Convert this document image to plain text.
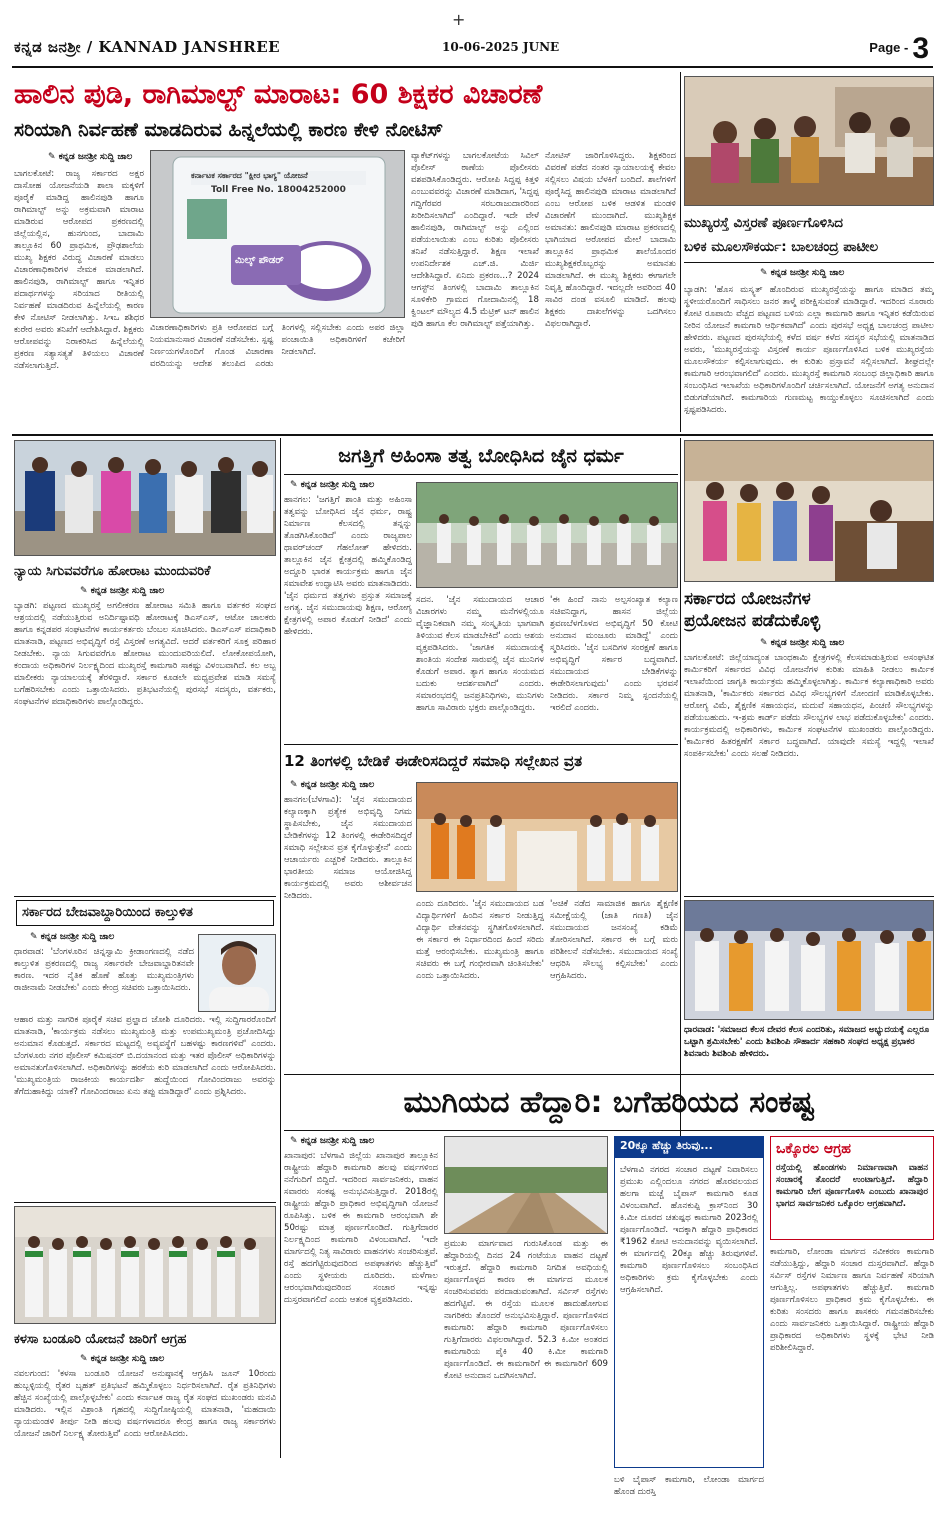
+
ಕನ್ನಡ ಜನಶ್ರೀ / KANNAD JANSHREE	10-06-2025 JUNE	Page - 3
ಹಾಲಿನ ಪುಡಿ, ರಾಗಿಮಾಲ್ಟ್ ಮಾರಾಟ: 60 ಶಿಕ್ಷಕರ ವಿಚಾರಣೆ
ಸರಿಯಾಗಿ ನಿರ್ವಹಣೆ ಮಾಡದಿರುವ ಹಿನ್ನಲೆಯಲ್ಲಿ ಕಾರಣ ಕೇಳಿ ನೋಟಿಸ್
✎ ಕನ್ನಡ ಜನಶ್ರೀ ಸುದ್ದಿ ಜಾಲ
ಬಾಗಲಕೋಟೆ: ರಾಜ್ಯ ಸರ್ಕಾರದ ಅಕ್ಷರ ದಾಸೋಹ ಯೋಜನೆಯಡಿ ಶಾಲಾ ಮಕ್ಕಳಿಗೆ ಪೂರೈಕೆ ಮಾಡಿದ್ದ ಹಾಲಿನಪುಡಿ ಹಾಗೂ ರಾಗಿಮಾಲ್ಟ್ ಅನ್ನು ಅಕ್ರಮವಾಗಿ ಮಾರಾಟ ಮಾಡಿರುವ ಆರೋಪದ ಪ್ರಕರಣದಲ್ಲಿ ಜಿಲ್ಲೆಯಲ್ಲಿನ, ಹುನಗುಂದ, ಬಾದಾಮಿ ತಾಲ್ಲೂಕಿನ 60 ಪ್ರಾಥಮಿಕ, ಪ್ರೌಢಶಾಲೆಯ ಮುಖ್ಯ ಶಿಕ್ಷಕರ ವಿರುದ್ಧ ವಿಚಾರಣೆ ಮಾಡಲು ವಿಚಾರಣಾಧಿಕಾರಿಗಳ ನೇಮಕ ಮಾಡಲಾಗಿದೆ. ಹಾಲಿನಪುಡಿ, ರಾಗಿಮಾಲ್ಟ್ ಹಾಗೂ ಇನ್ನಿತರ ಪದಾರ್ಥಗಳನ್ನು ಸರಿಯಾದ ರೀತಿಯಲ್ಲಿ ನಿರ್ವಹಣೆ ಮಾಡದಿರುವ ಹಿನ್ನೆಲೆಯಲ್ಲಿ ಕಾರಣ ಕೇಳಿ ನೋಟಿಸ್ ನೀಡಲಾಗಿತ್ತು. ಸಿಇಒ ಶಶಿಧರ ಕುರೇರ ಅವರು ತನಿಖೆಗೆ ಆದೇಶಿಸಿದ್ದಾರೆ. ಶಿಕ್ಷಕರು ಆರೋಪವನ್ನು ನಿರಾಕರಿಸಿದ ಹಿನ್ನೆಲೆಯಲ್ಲಿ ಪ್ರಕರಣ ಸತ್ಯಾಸತ್ಯತೆ ತಿಳಿಯಲು ವಿಚಾರಣೆ ನಡೆಸಲಾಗುತ್ತಿದೆ.
ಕರ್ನಾಟಕ ಸರ್ಕಾರದ "ಕ್ಷೀರ ಭಾಗ್ಯ" ಯೋಜನೆ
Toll Free No. 18004252000
ಮಿಲ್ಕ್ ಪೌಡರ್
ವಿಚಾರಣಾಧಿಕಾರಿಗಳು ಪ್ರತಿ ಆರೋಪದ ಬಗ್ಗೆ ನಿಯಮಾನುಸಾರ ವಿಚಾರಣೆ ನಡೆಸಬೇಕು. ಸ್ಪಷ್ಟ ನಿರ್ಣಯಗಳೊಂದಿಗೆ ಗೊಂಡ ವಿಚಾರಣಾ ವರದಿಯನ್ನು ಆದೇಶ ತಲುಪಿದ ಎರಡು ತಿಂಗಳಲ್ಲಿ ಸಲ್ಲಿಸಬೇಕು ಎಂದು ಅಪರ ಜಿಲ್ಲಾ ಪಂಚಾಯಿತಿ ಅಧಿಕಾರಿಗಳಿಗೆ ಕಚೇರಿಗೆ ನೀಡಲಾಗಿದೆ.
ವ್ಯಾಕೆಟ್‌ಗಳನ್ನು ಬಾಗಲಕೋಟೆಯ ಸಿವಿಲ್ ಪೊಲೀಸ್ ಠಾಣೆಯ ಪೊಲೀಸರು ವಶಪಡಿಸಿಕೊಂಡಿದ್ದರು. ಆರೋಪಿ ಸಿದ್ದಪ್ಪ ಕಿತ್ತಳಿ ಎಂಬುವವರನ್ನು ವಿಚಾರಣೆ ಮಾಡಿದಾಗ, 'ಸಿದ್ದಪ್ಪ ಗದ್ದಿಗೆರವರ ಸರಬರಾಜುದಾರರಿಂದ ಖರೀದಿಸಲಾಗಿದೆ' ಎಂದಿದ್ದಾರೆ. ಇದೇ ವೇಳೆ ಹಾಲಿನಪುಡಿ, ರಾಗಿಮಾಲ್ಟ್ ಅನ್ನು ಎಲ್ಲಿಂದ ಪಡೆಯಲಾಯಿತು ಎಂಬ ಕುರಿತು ಪೊಲೀಸರು ತನಿಖೆ ನಡೆಸುತ್ತಿದ್ದಾರೆ. ಶಿಕ್ಷಣ ಇಲಾಖೆ ಉಪನಿರ್ದೇಶಕ ಎಚ್.ಜಿ. ಮಿರ್ಜಿ ಆದೇಶಿಸಿದ್ದಾರೆ. ಏನಿದು ಪ್ರಕರಣ...? 2024 ಆಗಸ್ಟ್‌ನ ತಿಂಗಳಲ್ಲಿ ಬಾದಾಮಿ ತಾಲ್ಲೂಕಿನ ಸೂಳಿಕೇರಿ ಗ್ರಾಮದ ಗೋದಾಮಿನಲ್ಲಿ 18 ಕ್ವಿಂಟಲ್ ಮೌಲ್ಯದ 4.5 ಮೆಟ್ರಿಕ್ ಟನ್ ಹಾಲಿನ ಪುಡಿ ಹಾಗೂ ಕೆಲ ರಾಗಿಮಾಲ್ಟ್ ಪತ್ತೆಯಾಗಿತ್ತು.
ನೋಟಿಸ್ ಜಾರಿಗೊಳಿಸಿದ್ದರು. ಶಿಕ್ಷಕರಿಂದ ವಿವರಣೆ ಪಡೆದ ನಂತರ ನ್ಯಾಯಾಲಯಕ್ಕೆ ಕೇವಲ ಸಲ್ಲಿಸಲು ವಿಷಯ ಬೆಳಕಿಗೆ ಬಂದಿದೆ. ಶಾಲೆಗಳಿಗೆ ಪೂರೈಸಿದ್ದ ಹಾಲಿನಪುಡಿ ಮಾರಾಟ ಮಾಡಲಾಗಿದೆ ಎಂಬ ಆರೋಪ ಬಳಿಕ ಆಡಳಿತ ಮಂಡಳಿ ವಿಚಾರಣೆಗೆ ಮುಂದಾಗಿದೆ. ಮುಖ್ಯಶಿಕ್ಷಕ ಅಮಾನತು: ಹಾಲಿನಪುಡಿ ಮಾರಾಟ ಪ್ರಕರಣದಲ್ಲಿ ಭಾಗಿಯಾದ ಆರೋಪದ ಮೇಲೆ ಬಾದಾಮಿ ತಾಲ್ಲೂಕಿನ ಪ್ರಾಥಮಿಕ ಶಾಲೆಯೊಂದರ ಮುಖ್ಯಶಿಕ್ಷಕರೊಬ್ಬರನ್ನು ಅಮಾನತು ಮಾಡಲಾಗಿದೆ. ಈ ಮುಖ್ಯ ಶಿಕ್ಷಕರು ಈಗಾಗಲೇ ನಿವೃತ್ತಿ ಹೊಂದಿದ್ದಾರೆ. ಇದಲ್ಲದೇ ಅವರಿಂದ 40 ಸಾವಿರ ದಂಡ ವಸೂಲಿ ಮಾಡಿದೆ. ಹಲವು ಶಿಕ್ಷಕರು ದಾಖಲೆಗಳನ್ನು ಒದಗಿಸಲು ವಿಫಲರಾಗಿದ್ದಾರೆ.
ಮುಖ್ಯರಸ್ತೆ ವಿಸ್ತರಣೆ ಪೂರ್ಣಗೊಳಿಸಿದ
ಬಳಿಕ ಮೂಲಸೌಕರ್ಯ: ಬಾಲಚಂದ್ರ ಪಾಟೀಲ
✎ ಕನ್ನಡ ಜನಶ್ರೀ ಸುದ್ದಿ ಜಾಲ
ಬ್ಯಾಡಗಿ: 'ಹೊಸ ಮಸ್ಕ್ಯತ್ ಹೊಂದಿರುವ ಮುಖ್ಯರಸ್ತೆಯನ್ನು ಹಾಗೂ ಮಾಡಿದ ತಮ್ಮ ಸ್ಥಳೀಯರೊಂದಿಗೆ ಸಾಧಿಸಲು ಜನರ ತಾಳ್ಮೆ ಪರೀಕ್ಷಿಸುವಂತೆ ಮಾಡಿದ್ದಾರೆ. ಇದರಿಂದ ನೂರಾರು ಕೋಟಿ ರೂಪಾಯಿ ವೆಚ್ಚದ ಪಟ್ಟಣದ ಬಳಿಯ ಎಲ್ಲಾ ಕಾಮಗಾರಿ ಹಾಗೂ ಇನ್ನಿತರ ಕಡೆಯಿರುವ ನೀರಿನ ಯೋಜನೆ ಕಾಮಗಾರಿ ಆರ್ಥಿಕವಾಗಿದೆ' ಎಂದು ಪುರಸಭೆ ಅಧ್ಯಕ್ಷ ಬಾಲಚಂದ್ರ ಪಾಟೀಲ ಹೇಳಿದರು. ಪಟ್ಟಣದ ಪುರಸಭೆಯಲ್ಲಿ ಕಳೆದ ವರ್ಷ ಕಳೆದ ಸದಸ್ಯರ ಸಭೆಯಲ್ಲಿ ಮಾತನಾಡಿದ ಅವರು, 'ಮುಖ್ಯರಸ್ತೆಯನ್ನು ವಿಸ್ತರಣೆ ಕಾರ್ಯ ಪೂರ್ಣಗೊಳಿಸಿದ ಬಳಿಕ ಮುಖ್ಯರಸ್ತೆಯ ಮೂಲಸೌಕರ್ಯ ಕಲ್ಪಿಸಲಾಗುವುದು. ಈ ಕುರಿತು ಪ್ರಸ್ತಾವನೆ ಸಲ್ಲಿಸಲಾಗಿದೆ. ಶೀಘ್ರದಲ್ಲೇ ಕಾಮಗಾರಿ ಆರಂಭವಾಗಲಿದೆ' ಎಂದರು. ಮುಖ್ಯರಸ್ತೆ ಕಾಮಗಾರಿ ಸಂಬಂಧ ಜಿಲ್ಲಾಧಿಕಾರಿ ಹಾಗೂ ಸಂಬಂಧಿಸಿದ ಇಲಾಖೆಯ ಅಧಿಕಾರಿಗಳೊಂದಿಗೆ ಚರ್ಚಿಸಲಾಗಿದೆ. ಯೋಜನೆಗೆ ಅಗತ್ಯ ಅನುದಾನ ಬಿಡುಗಡೆಯಾಗಿದೆ. ಕಾಮಗಾರಿಯ ಗುಣಮಟ್ಟ ಕಾಯ್ದುಕೊಳ್ಳಲು ಸೂಚಿಸಲಾಗಿದೆ ಎಂದು ಸ್ಪಷ್ಟಪಡಿಸಿದರು.
ನ್ಯಾಯ ಸಿಗುವವರೆಗೂ ಹೋರಾಟ ಮುಂದುವರಿಕೆ
✎ ಕನ್ನಡ ಜನಶ್ರೀ ಸುದ್ದಿ ಜಾಲ
ಬ್ಯಾಡಗಿ: ಪಟ್ಟಣದ ಮುಖ್ಯರಸ್ತೆ ಅಗಲೀಕರಣ ಹೋರಾಟ ಸಮಿತಿ ಹಾಗೂ ವರ್ತಕರ ಸಂಘದ ಆಶ್ರಯದಲ್ಲಿ ನಡೆಯುತ್ತಿರುವ ಅನಿರ್ದಿಷ್ಟಾವಧಿ ಹೋರಾಟಕ್ಕೆ ಡಿಎಸ್‌ಎಸ್, ಆಟೋ ಚಾಲಕರು ಹಾಗೂ ಕನ್ನಡಪರ ಸಂಘಟನೆಗಳ ಕಾರ್ಯಕರ್ತರು ಬೆಂಬಲ ಸೂಚಿಸಿದರು. ಡಿಎಸ್‌ಎಸ್ ಪದಾಧಿಕಾರಿ ಮಾತನಾಡಿ, ಪಟ್ಟಣದ ಅಭಿವೃದ್ಧಿಗೆ ರಸ್ತೆ ವಿಸ್ತರಣೆ ಅಗತ್ಯವಿದೆ. ಆದರೆ ವರ್ತಕರಿಗೆ ಸೂಕ್ತ ಪರಿಹಾರ ನೀಡಬೇಕು. ನ್ಯಾಯ ಸಿಗುವವರೆಗೂ ಹೋರಾಟ ಮುಂದುವರಿಯಲಿದೆ. ಲೋಕೋಪಯೋಗಿ, ಕಂದಾಯ ಅಧಿಕಾರಿಗಳ ನಿರ್ಲಕ್ಷ್ಯದಿಂದ ಮುಖ್ಯರಸ್ತೆ ಕಾಮಗಾರಿ ಸಾಕಷ್ಟು ವಿಳಂಬವಾಗಿದೆ. ಕಲ ಅಬ್ಬ ಮಾಲೀಕರು ನ್ಯಾಯಾಲಯಕ್ಕೆ ತೆರಳಿದ್ದಾರೆ. ಸರ್ಕಾರ ಕೂಡಲೇ ಮಧ್ಯಪ್ರವೇಶ ಮಾಡಿ ಸಮಸ್ಯೆ ಬಗೆಹರಿಸಬೇಕು ಎಂದು ಒತ್ತಾಯಿಸಿದರು. ಪ್ರತಿಭಟನೆಯಲ್ಲಿ ಪುರಸಭೆ ಸದಸ್ಯರು, ವರ್ತಕರು, ಸಂಘಟನೆಗಳ ಪದಾಧಿಕಾರಿಗಳು ಪಾಲ್ಗೊಂಡಿದ್ದರು.
ಜಗತ್ತಿಗೆ ಅಹಿಂಸಾ ತತ್ವ ಬೋಧಿಸಿದ ಜೈನ ಧರ್ಮ
✎ ಕನ್ನಡ ಜನಶ್ರೀ ಸುದ್ದಿ ಜಾಲ
ಹಾನಗಲ: 'ಜಗತ್ತಿಗೆ ಶಾಂತಿ ಮತ್ತು ಅಹಿಂಸಾ ತತ್ವವನ್ನು ಬೋಧಿಸಿದ ಜೈನ ಧರ್ಮ, ರಾಷ್ಟ್ರ ನಿರ್ಮಾಣ ಕೆಲಸದಲ್ಲಿ ತನ್ನನ್ನು ತೊಡಗಿಸಿಕೊಂಡಿದೆ' ಎಂದು ರಾಜ್ಯಪಾಲ ಥಾವರ್‌ಚಂದ್ ಗೆಹಲೋತ್ ಹೇಳಿದರು. ತಾಲ್ಲೂಕಿನ ಜೈನ ಕ್ಷೇತ್ರದಲ್ಲಿ ಹಮ್ಮಿಕೊಂಡಿದ್ದ ಅದ್ದೂರಿ ಭಾರತ ಕಾರ್ಯಕ್ರಮ ಹಾಗೂ ಜೈನ ಸಮಾವೇಶ ಉದ್ಘಾಟಿಸಿ ಅವರು ಮಾತನಾಡಿದರು. 'ಜೈನ ಧರ್ಮದ ತತ್ವಗಳು ಪ್ರಸ್ತುತ ಸಮಾಜಕ್ಕೆ ಅಗತ್ಯ. ಜೈನ ಸಮುದಾಯವು ಶಿಕ್ಷಣ, ಆರೋಗ್ಯ ಕ್ಷೇತ್ರಗಳಲ್ಲಿ ಅಪಾರ ಕೊಡುಗೆ ನೀಡಿದೆ' ಎಂದು ಹೇಳಿದರು.
ಸದನ. 'ಜೈನ ಸಮುದಾಯದ ಆಚಾರ ವಿಚಾರಗಳು ನಮ್ಮ ಮನೆಗಳಲ್ಲಿಯೂ ವೈಜ್ಞಾನಿಕವಾಗಿ ನಮ್ಮ ಸಂಸ್ಕೃತಿಯ ಭಾಗವಾಗಿ ತಿಳಿಯುವ ಕೆಲಸ ಮಾಡಬೇಕಿದೆ' ಎಂದು ಆಶಯ ವ್ಯಕ್ತಪಡಿಸಿದರು. 'ಜಾಗತಿಕ ಸಮುದಾಯಕ್ಕೆ ಶಾಂತಿಯ ಸಂದೇಶ ಸಾರುವಲ್ಲಿ ಜೈನ ಮುನಿಗಳ ಕೊಡುಗೆ ಅಪಾರ. ತ್ಯಾಗ ಹಾಗೂ ಸಂಯಮದ ಬದುಕು ಆದರ್ಶವಾಗಿದೆ' ಎಂದರು. ಸಮಾರಂಭದಲ್ಲಿ ಜನಪ್ರತಿನಿಧಿಗಳು, ಮುನಿಗಳು ಹಾಗೂ ಸಾವಿರಾರು ಭಕ್ತರು ಪಾಲ್ಗೊಂಡಿದ್ದರು.
'ಈ ಹಿಂದೆ ನಾನು ಅಲ್ಪಸಂಖ್ಯಾತ ಕಲ್ಯಾಣ ಸಚಿವನಿದ್ದಾಗ, ಹಾಸನ ಜಿಲ್ಲೆಯ ಶ್ರವಣಬೆಳಗೊಳದ ಅಭಿವೃದ್ಧಿಗೆ 50 ಕೋಟಿ ಅನುದಾನ ಮಂಜೂರು ಮಾಡಿದ್ದೆ' ಎಂದು ಸ್ಮರಿಸಿದರು. 'ಜೈನ ಬಸದಿಗಳ ಸಂರಕ್ಷಣೆ ಹಾಗೂ ಅಭಿವೃದ್ಧಿಗೆ ಸರ್ಕಾರ ಬದ್ಧವಾಗಿದೆ. ಸಮುದಾಯದ ಬೇಡಿಕೆಗಳನ್ನು ಈಡೇರಿಸಲಾಗುವುದು' ಎಂದು ಭರವಸೆ ನೀಡಿದರು. ಸರ್ಕಾರ ನಿಮ್ಮ ಸ್ಪಂದನೆಯಲ್ಲಿ ಇರಲಿದೆ ಎಂದರು.
12 ತಿಂಗಳಲ್ಲಿ ಬೇಡಿಕೆ ಈಡೇರಿಸದಿದ್ದರೆ ಸಮಾಧಿ ಸಲ್ಲೇಖನ ವ್ರತ
✎ ಕನ್ನಡ ಜನಶ್ರೀ ಸುದ್ದಿ ಜಾಲ
ಹಾನಗಲ(ಬೆಳಗಾವಿ): 'ಜೈನ ಸಮುದಾಯದ ಕಲ್ಯಾಣಕ್ಕಾಗಿ ಪ್ರತ್ಯೇಕ ಅಭಿವೃದ್ಧಿ ನಿಗಮ ಸ್ಥಾಪಿಸಬೇಕು, ಜೈನ ಸಮುದಾಯದ ಬೇಡಿಕೆಗಳನ್ನು 12 ತಿಂಗಳಲ್ಲಿ ಈಡೇರಿಸದಿದ್ದರೆ ಸಮಾಧಿ ಸಲ್ಲೇಖನ ವ್ರತ ಕೈಗೊಳ್ಳುತ್ತೇನೆ' ಎಂದು ಆಚಾರ್ಯರು ಎಚ್ಚರಿಕೆ ನೀಡಿದರು. ತಾಲ್ಲೂಕಿನ ಭಾರತೀಯ ಸಮಾಜ ಆಯೋಜಿಸಿದ್ದ ಕಾರ್ಯಕ್ರಮದಲ್ಲಿ ಅವರು ಆಶೀರ್ವಚನ ನೀಡಿದರು.
ಎಂದು ದೂರಿದರು. 'ಜೈನ ಸಮುದಾಯದ ಬಡ ವಿದ್ಯಾರ್ಥಿಗಳಿಗೆ ಹಿಂದಿನ ಸರ್ಕಾರ ನೀಡುತ್ತಿದ್ದ ವಿದ್ಯಾರ್ಥಿ ವೇತನವನ್ನು ಸ್ಥಗಿತಗೊಳಿಸಲಾಗಿದೆ. ಈ ಸರ್ಕಾರ ಈ ನಿರ್ಧಾರದಿಂದ ಹಿಂದೆ ಸರಿದು ಮತ್ತೆ ಆರಂಭಿಸಬೇಕು. ಮುಖ್ಯಮಂತ್ರಿ ಹಾಗೂ ಸಚಿವರು ಈ ಬಗ್ಗೆ ಗಂಭೀರವಾಗಿ ಚಿಂತಿಸಬೇಕು' ಎಂದು ಒತ್ತಾಯಿಸಿದರು.
'ಅಚಿಕೆ ನಡೆದ ಸಾಮಾಜಿಕ ಹಾಗೂ ಶೈಕ್ಷಣಿಕ ಸಮೀಕ್ಷೆಯಲ್ಲಿ (ಜಾತಿ ಗಣತಿ) ಜೈನ ಸಮುದಾಯದ ಜನಸಂಖ್ಯೆ ಕಡಿಮೆ ತೋರಿಸಲಾಗಿದೆ. ಸರ್ಕಾರ ಈ ಬಗ್ಗೆ ಮರು ಪರಿಶೀಲನೆ ನಡೆಸಬೇಕು. ಸಮುದಾಯದ ಸಂಖ್ಯೆ ಆಧರಿಸಿ ಸೌಲಭ್ಯ ಕಲ್ಪಿಸಬೇಕು' ಎಂದು ಆಗ್ರಹಿಸಿದರು.
ಸರ್ಕಾರದ ಬೇಜವಾಬ್ದಾರಿಯಿಂದ ಕಾಲ್ತುಳಿತ
✎ ಕನ್ನಡ ಜನಶ್ರೀ ಸುದ್ದಿ ಜಾಲ
ಧಾರವಾಡ: 'ಬೆಂಗಳೂರಿನ ಚಿನ್ನಸ್ವಾಮಿ ಕ್ರೀಡಾಂಗಣದಲ್ಲಿ ನಡೆದ ಕಾಲ್ತುಳಿತ ಪ್ರಕರಣದಲ್ಲಿ ರಾಜ್ಯ ಸರ್ಕಾರವೇ ಬೇಜವಾಬ್ದಾರಿತನವೇ ಕಾರಣ. ಇದರ ನೈತಿಕ ಹೊಣೆ ಹೊತ್ತು ಮುಖ್ಯಮಂತ್ರಿಗಳು ರಾಜೀನಾಮೆ ನೀಡಬೇಕು' ಎಂದು ಕೇಂದ್ರ ಸಚಿವರು ಒತ್ತಾಯಿಸಿದರು.
ಆಹಾರ ಮತ್ತು ನಾಗರಿಕ ಪೂರೈಕೆ ಸಚಿವ ಪ್ರಲ್ಹಾದ ಜೋಶಿ ದೂರಿದರು. ಇಲ್ಲಿ ಸುದ್ದಿಗಾರರೊಂದಿಗೆ ಮಾತನಾಡಿ, 'ಕಾರ್ಯಕ್ರಮ ನಡೆಸಲು ಮುಖ್ಯಮಂತ್ರಿ ಮತ್ತು ಉಪಮುಖ್ಯಮಂತ್ರಿ ಪ್ರಚೋದಿಸಿದ್ದು ಅನುಮಾನ ಕೊಡುತ್ತದೆ. ಸರ್ಕಾರದ ಮಟ್ಟದಲ್ಲಿ ಅವ್ಯವಸ್ಥೆಗೆ ಬಹಳಷ್ಟು ಕಾರಣಗಳಿವೆ' ಎಂದರು. ಬೆಂಗಳೂರು ನಗರ ಪೊಲೀಸ್ ಕಮಿಷನರ್ ಬಿ.ದಯಾನಂದ ಮತ್ತು ಇತರ ಪೊಲೀಸ್ ಅಧಿಕಾರಿಗಳನ್ನು ಅಮಾನತುಗೊಳಿಸಲಾಗಿದೆ. ಅಧಿಕಾರಿಗಳನ್ನು ಹರಕೆಯ ಕುರಿ ಮಾಡಲಾಗಿದೆ ಎಂದು ಆರೋಪಿಸಿದರು. 'ಮುಖ್ಯಮಂತ್ರಿಯ ರಾಜಕೀಯ ಕಾರ್ಯದರ್ಶಿ ಹುದ್ದೆಯಿಂದ ಗೋವಿಂದರಾಜು ಅವರನ್ನು ತೆಗೆದುಹಾಕಿದ್ದು ಯಾಕೆ? ಗೋವಿಂದರಾಜು ಏನು ತಪ್ಪು ಮಾಡಿದ್ದಾರೆ' ಎಂದು ಪ್ರಶ್ನಿಸಿದರು.
ಕಳಸಾ ಬಂಡೂರಿ ಯೋಜನೆ ಜಾರಿಗೆ ಆಗ್ರಹ
✎ ಕನ್ನಡ ಜನಶ್ರೀ ಸುದ್ದಿ ಜಾಲ
ನವಲಗುಂದ: 'ಕಳಸಾ ಬಂಡೂರಿ ಯೋಜನೆ ಅನುಷ್ಠಾನಕ್ಕೆ ಆಗ್ರಹಿಸಿ ಜೂನ್ 10ರಂದು ಹುಬ್ಬಳ್ಳಿಯಲ್ಲಿ ರೈತರ ಬೃಹತ್ ಪ್ರತಿಭಟನೆ ಹಮ್ಮಿಕೊಳ್ಳಲು ನಿರ್ಧರಿಸಲಾಗಿದೆ. ರೈತ ಪ್ರತಿನಿಧಿಗಳು ಹೆಚ್ಚಿನ ಸಂಖ್ಯೆಯಲ್ಲಿ ಪಾಲ್ಗೊಳ್ಳಬೇಕು' ಎಂದು ಕರ್ನಾಟಕ ರಾಜ್ಯ ರೈತ ಸಂಘದ ಮುಖಂಡರು ಮನವಿ ಮಾಡಿದರು. ಇಲ್ಲಿನ ವಿಶ್ರಾಂತಿ ಗೃಹದಲ್ಲಿ ಸುದ್ದಿಗೋಷ್ಠಿಯಲ್ಲಿ ಮಾತನಾಡಿ, 'ಮಹದಾಯಿ ನ್ಯಾಯಮಂಡಳಿ ತೀರ್ಪು ನೀಡಿ ಹಲವು ವರ್ಷಗಳಾದರೂ ಕೇಂದ್ರ ಹಾಗೂ ರಾಜ್ಯ ಸರ್ಕಾರಗಳು ಯೋಜನೆ ಜಾರಿಗೆ ನಿರ್ಲಕ್ಷ್ಯ ತೋರುತ್ತಿವೆ' ಎಂದು ಆರೋಪಿಸಿದರು.
ಸರ್ಕಾರದ ಯೋಜನೆಗಳ
ಪ್ರಯೋಜನ ಪಡೆದುಕೊಳ್ಳಿ
✎ ಕನ್ನಡ ಜನಶ್ರೀ ಸುದ್ದಿ ಜಾಲ
ಬಾಗಲಕೋಟೆ: ಜಿಲ್ಲೆಯಾದ್ಯಂತ ಬಾಂಧಕಾಮಿ ಕ್ಷೇತ್ರಗಳಲ್ಲಿ ಕೆಲಸಮಾಡುತ್ತಿರುವ ಅಸಂಘಟಿತ ಕಾರ್ಮಿಕರಿಗೆ ಸರ್ಕಾರದ ವಿವಿಧ ಯೋಜನೆಗಳ ಕುರಿತು ಮಾಹಿತಿ ನೀಡಲು ಕಾರ್ಮಿಕ ಇಲಾಖೆಯಿಂದ ಜಾಗೃತಿ ಕಾರ್ಯಕ್ರಮ ಹಮ್ಮಿಕೊಳ್ಳಲಾಗಿತ್ತು. ಕಾರ್ಮಿಕ ಕಲ್ಯಾಣಾಧಿಕಾರಿ ಅವರು ಮಾತನಾಡಿ, 'ಕಾರ್ಮಿಕರು ಸರ್ಕಾರದ ವಿವಿಧ ಸೌಲಭ್ಯಗಳಿಗೆ ನೋಂದಣಿ ಮಾಡಿಕೊಳ್ಳಬೇಕು. ಆರೋಗ್ಯ ವಿಮೆ, ಶೈಕ್ಷಣಿಕ ಸಹಾಯಧನ, ಮದುವೆ ಸಹಾಯಧನ, ಪಿಂಚಣಿ ಸೌಲಭ್ಯಗಳನ್ನು ಪಡೆಯಬಹುದು. ಇ-ಶ್ರಮ ಕಾರ್ಡ್ ಪಡೆದು ಸೌಲಭ್ಯಗಳ ಲಾಭ ಪಡೆದುಕೊಳ್ಳಬೇಕು' ಎಂದರು. ಕಾರ್ಯಕ್ರಮದಲ್ಲಿ ಅಧಿಕಾರಿಗಳು, ಕಾರ್ಮಿಕ ಸಂಘಟನೆಗಳ ಮುಖಂಡರು ಪಾಲ್ಗೊಂಡಿದ್ದರು. 'ಕಾರ್ಮಿಕರ ಹಿತರಕ್ಷಣೆಗೆ ಸರ್ಕಾರ ಬದ್ಧವಾಗಿದೆ. ಯಾವುದೇ ಸಮಸ್ಯೆ ಇದ್ದಲ್ಲಿ ಇಲಾಖೆ ಸಂಪರ್ಕಿಸಬೇಕು' ಎಂದು ಸಲಹೆ ನೀಡಿದರು.
ಧಾರವಾಡ: 'ಸಮಾಜದ ಕೆಲಸ ದೇವರ ಕೆಲಸ ಎಂದರಿತು, ಸಮಾಜದ ಅಭ್ಯುದಯಕ್ಕೆ ಎಲ್ಲರೂ ಒಟ್ಟಾಗಿ ಶ್ರಮಿಸಬೇಕು' ಎಂದು ಶಿವಶಿಂಪಿ ಸೌಹಾರ್ದ ಸಹಕಾರಿ ಸಂಘದ ಅಧ್ಯಕ್ಷ ಪ್ರಭಾಕರ ಶಿವನಾರು ಶಿವಶಿಂಪಿ ಹೇಳಿದರು.
ಮುಗಿಯದ ಹೆದ್ದಾರಿ: ಬಗೆಹರಿಯದ ಸಂಕಷ್ಟ
✎ ಕನ್ನಡ ಜನಶ್ರೀ ಸುದ್ದಿ ಜಾಲ
ಖಾನಾಪುರ: ಬೆಳಗಾವಿ ಜಿಲ್ಲೆಯ ಖಾನಾಪುರ ತಾಲ್ಲೂಕಿನ ರಾಷ್ಟ್ರೀಯ ಹೆದ್ದಾರಿ ಕಾಮಗಾರಿ ಹಲವು ವರ್ಷಗಳಿಂದ ನನೆಗುದಿಗೆ ಬಿದ್ದಿದೆ. ಇದರಿಂದ ಸಾರ್ವಜನಿಕರು, ವಾಹನ ಸವಾರರು ಸಂಕಷ್ಟ ಅನುಭವಿಸುತ್ತಿದ್ದಾರೆ. 2018ರಲ್ಲಿ ರಾಷ್ಟ್ರೀಯ ಹೆದ್ದಾರಿ ಪ್ರಾಧಿಕಾರ ಅಭಿವೃದ್ಧಿಗಾಗಿ ಯೋಜನೆ ರೂಪಿಸಿತ್ತು. ಬಳಿಕ ಈ ಕಾಮಗಾರಿ ಆರಂಭವಾಗಿ ಶೇ 50ರಷ್ಟು ಮಾತ್ರ ಪೂರ್ಣಗೊಂಡಿದೆ. ಗುತ್ತಿಗೆದಾರರ ನಿರ್ಲಕ್ಷ್ಯದಿಂದ ಕಾಮಗಾರಿ ವಿಳಂಬವಾಗಿದೆ. 'ಇದೇ ಮಾರ್ಗದಲ್ಲಿ ನಿತ್ಯ ಸಾವಿರಾರು ವಾಹನಗಳು ಸಂಚರಿಸುತ್ತವೆ. ರಸ್ತೆ ಹದಗೆಟ್ಟಿರುವುದರಿಂದ ಅಪಘಾತಗಳು ಹೆಚ್ಚುತ್ತಿವೆ' ಎಂದು ಸ್ಥಳೀಯರು ದೂರಿದರು. ಮಳೆಗಾಲ ಆರಂಭವಾಗಿರುವುದರಿಂದ ಸಂಚಾರ ಇನ್ನಷ್ಟು ದುಸ್ತರವಾಗಲಿದೆ ಎಂದು ಆತಂಕ ವ್ಯಕ್ತಪಡಿಸಿದರು.
ಪ್ರಮುಖ ಮಾರ್ಗವಾದ ಗುರುಸಿಕೊಂಡ ಮತ್ತು ಈ ಹೆದ್ದಾರಿಯಲ್ಲಿ ದಿನದ 24 ಗಂಟೆಯೂ ವಾಹನ ದಟ್ಟಣೆ ಇರುತ್ತದೆ. ಹೆದ್ದಾರಿ ಕಾಮಗಾರಿ ನಿಗದಿತ ಅವಧಿಯಲ್ಲಿ ಪೂರ್ಣಗೊಳ್ಳದ ಕಾರಣ ಈ ಮಾರ್ಗದ ಮೂಲಕ ಸಂಚರಿಸುವವರು ಪರದಾಡುವಂತಾಗಿದೆ. ಸರ್ವಿಸ್ ರಸ್ತೆಗಳು ಹದಗೆಟ್ಟಿವೆ. ಈ ರಸ್ತೆಯ ಮೂಲಕ ಹಾದುಹೋಗುವ ನಾಗರಿಕರು ತೊಂದರೆ ಅನುಭವಿಸುತ್ತಿದ್ದಾರೆ. ಪೂರ್ಣಗೊಳಿಸದ ಕಾಮಗಾರಿ: ಹೆದ್ದಾರಿ ಕಾಮಗಾರಿ ಪೂರ್ಣಗೊಳಿಸಲು ಗುತ್ತಿಗೆದಾರರು ವಿಫಲರಾಗಿದ್ದಾರೆ. 52.3 ಕಿ.ಮೀ ಅಂತರದ ಕಾಮಗಾರಿಯ ಪೈಕಿ 40 ಕಿ.ಮೀ ಕಾಮಗಾರಿ ಪೂರ್ಣಗೊಂಡಿದೆ. ಈ ಕಾಮಗಾರಿಗೆ ಈ ಕಾಮಗಾರಿಗೆ 609 ಕೋಟಿ ಅನುದಾನ ಒದಗಿಸಲಾಗಿದೆ.
20ಕ್ಕೂ ಹೆಚ್ಚು ತಿರುವು...
ಬೆಳಗಾವಿ ನಗರದ ಸಂಚಾರ ದಟ್ಟಣೆ ನಿವಾರಿಸಲು ಪ್ರಮುಖ ಎಲ್ಲಿಂದಲೂ ನಗರದ ಹೊರವಲಯದ ಹಲಗಾ ಮಚ್ಚೆ ಬೈಪಾಸ್ ಕಾಮಗಾರಿ ಕೂಡ ವಿಳಂಬವಾಗಿದೆ. ಹೊನಕುಪ್ಪಿ ಕ್ರಾಸ್‌ನಿಂದ 30 ಕಿ.ಮೀ ದೂರದ ಚತುಷ್ಪಥ ಕಾಮಗಾರಿ 2023ರಲ್ಲಿ ಪೂರ್ಣಗೊಂಡಿದೆ. ಇದಕ್ಕಾಗಿ ಹೆದ್ದಾರಿ ಪ್ರಾಧಿಕಾರದ ₹1962 ಕೋಟಿ ಅನುದಾನವನ್ನು ವ್ಯಯಿಸಲಾಗಿದೆ. ಈ ಮಾರ್ಗದಲ್ಲಿ 20ಕ್ಕೂ ಹೆಚ್ಚು ತಿರುವುಗಳಿವೆ. ಕಾಮಗಾರಿ ಪೂರ್ಣಗೊಳಿಸಲು ಸಂಬಂಧಿಸಿದ ಅಧಿಕಾರಿಗಳು ಕ್ರಮ ಕೈಗೊಳ್ಳಬೇಕು ಎಂದು ಆಗ್ರಹಿಸಲಾಗಿದೆ.
ಬಳಿ ಬೈಪಾಸ್ ಕಾಮಗಾರಿ, ಲೋಂಡಾ ಮಾರ್ಗದ ಹೊಂಡ ದುರಸ್ತಿ
ಒಕ್ಕೊರಲ ಆಗ್ರಹ
ರಸ್ತೆಯಲ್ಲಿ ಹೊಂಡಗಳು ನಿರ್ಮಾಣವಾಗಿ ವಾಹನ ಸಂಚಾರಕ್ಕೆ ತೊಂದರೆ ಉಂಟಾಗುತ್ತಿದೆ. ಹೆದ್ದಾರಿ ಕಾಮಗಾರಿ ಬೇಗ ಪೂರ್ಣಗೊಳಿಸಿ ಎಂಬುದು ಖಾನಾಪುರ ಭಾಗದ ಸಾರ್ವಜನಿಕರ ಒಕ್ಕೊರಲ ಆಗ್ರಹವಾಗಿದೆ.
ಕಾಮಗಾರಿ, ಲೋಂಡಾ ಮಾರ್ಗದ ನವೀಕರಣ ಕಾಮಗಾರಿ ನಡೆಯುತ್ತಿದ್ದು, ಹೆದ್ದಾರಿ ಸಂಚಾರ ದುಸ್ತರವಾಗಿದೆ. ಹೆದ್ದಾರಿ ಸರ್ವಿಸ್ ರಸ್ತೆಗಳ ನಿರ್ಮಾಣ ಹಾಗೂ ನಿರ್ವಹಣೆ ಸರಿಯಾಗಿ ಆಗುತ್ತಿಲ್ಲ. ಅಪಘಾತಗಳು ಹೆಚ್ಚುತ್ತಿವೆ. ಕಾಮಗಾರಿ ಪೂರ್ಣಗೊಳಿಸಲು ಪ್ರಾಧಿಕಾರ ಕ್ರಮ ಕೈಗೊಳ್ಳಬೇಕು. ಈ ಕುರಿತು ಸಂಸದರು ಹಾಗೂ ಶಾಸಕರು ಗಮನಹರಿಸಬೇಕು ಎಂದು ಸಾರ್ವಜನಿಕರು ಒತ್ತಾಯಿಸಿದ್ದಾರೆ. ರಾಷ್ಟ್ರೀಯ ಹೆದ್ದಾರಿ ಪ್ರಾಧಿಕಾರದ ಅಧಿಕಾರಿಗಳು ಸ್ಥಳಕ್ಕೆ ಭೇಟಿ ನೀಡಿ ಪರಿಶೀಲಿಸಿದ್ದಾರೆ.
